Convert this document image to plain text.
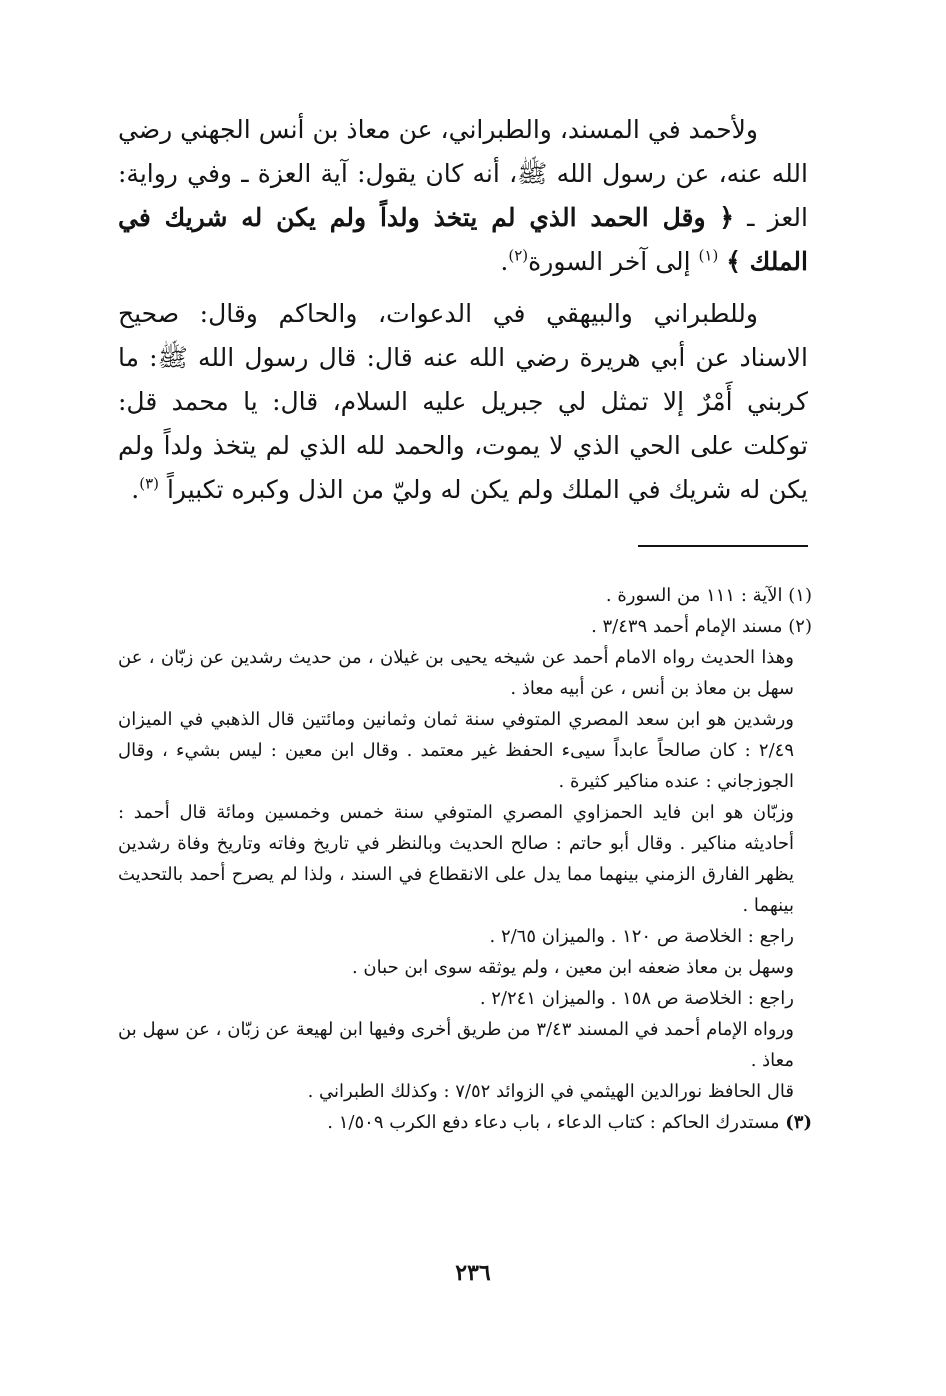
ولأحمد في المسند، والطبراني، عن معاذ بن أنس الجهني رضي الله عنه، عن رسول الله ﷺ، أنه كان يقول: آية العزة ـ وفي رواية: العز ـ ﴿ وقل الحمد الذي لم يتخذ ولداً ولم يكن له شريك في الملك ﴾ $^{(١)}$ إلى آخر السورة$^{(٢)}$.
وللطبراني والبيهقي في الدعوات، والحاكم وقال: صحيح الاسناد عن أبي هريرة رضي الله عنه قال: قال رسول الله ﷺ: ما كربني أَمْرٌ إلا تمثل لي جبريل عليه السلام، قال: يا محمد قل: توكلت على الحي الذي لا يموت، والحمد لله الذي لم يتخذ ولداً ولم يكن له شريك في الملك ولم يكن له وليّ من الذل وكبره تكبيراً $^{(٣)}$.

(١) الآية : ١١١ من السورة .

(٢) مسند الإمام أحمد ٣/٤٣٩ .

وهذا الحديث رواه الامام أحمد عن شيخه يحيى بن غيلان ، من حديث رشدين عن زبّان ، عن سهل بن معاذ بن أنس ، عن أبيه معاذ .

ورشدين هو ابن سعد المصري المتوفي سنة ثمان وثمانين ومائتين قال الذهبي في الميزان ٢/٤٩ : كان صالحاً عابداً سيىء الحفظ غير معتمد . وقال ابن معين : ليس بشيء ، وقال الجوزجاني : عنده مناكير كثيرة .

وزبّان هو ابن فايد الحمزاوي المصري المتوفي سنة خمس وخمسين ومائة قال أحمد : أحاديثه مناكير . وقال أبو حاتم : صالح الحديث وبالنظر في تاريخ وفاته وتاريخ وفاة رشدين يظهر الفارق الزمني بينهما مما يدل على الانقطاع في السند ، ولذا لم يصرح أحمد بالتحديث بينهما .

راجع : الخلاصة ص ١٢٠ . والميزان ٢/٦٥ .

وسهل بن معاذ ضعفه ابن معين ، ولم يوثقه سوى ابن حبان .

راجع : الخلاصة ص ١٥٨ . والميزان ٢/٢٤١ .

ورواه الإمام أحمد في المسند ٣/٤٣ من طريق أخرى وفيها ابن لهيعة عن زبّان ، عن سهل بن معاذ .

قال الحافظ نورالدين الهيثمي في الزوائد ٧/٥٢ : وكذلك الطبراني .

(٣) مستدرك الحاكم : كتاب الدعاء ، باب دعاء دفع الكرب ١/٥٠٩ .

٢٣٦
